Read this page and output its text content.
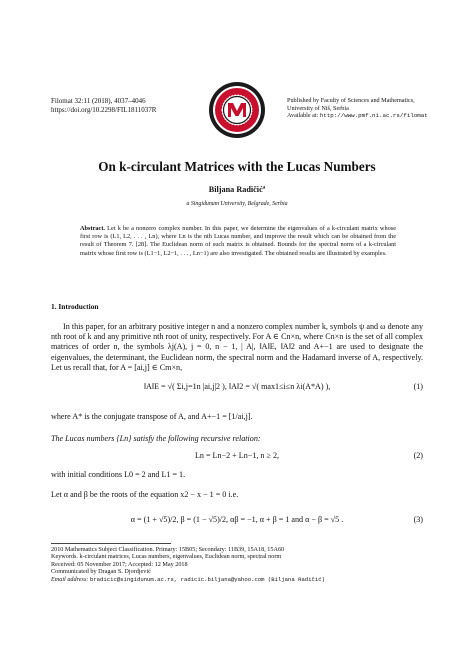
Filomat 32:11 (2018), 4037–4046
https://doi.org/10.2298/FIL1811037R
Published by Faculty of Sciences and Mathematics,
University of Niš, Serbia
Available at: http://www.pmf.ni.ac.rs/filomat
On k-circulant Matrices with the Lucas Numbers
Biljana Radičić$^a$
a Singidunum University, Belgrade, Serbia
Abstract. Let k be a nonzero complex number. In this paper, we determine the eigenvalues of a k-circulant matrix whose first row is (L1, L2, . . . , Ln), where Ln is the nth Lucas number, and improve the result which can be obtained from the result of Theorem 7. [28]. The Euclidean norm of such matrix is obtained. Bounds for the spectral norm of a k-circulant matrix whose first row is (L1−1, L2−1, . . . , Ln−1) are also investigated. The obtained results are illustrated by examples.
1. Introduction
In this paper, for an arbitrary positive integer n and a nonzero complex number k, symbols ψ and ω denote any nth root of k and any primitive nth root of unity, respectively. For A ∈ Cn×n, where Cn×n is the set of all complex matrices of order n, the symbols λj(A), j = 0, n − 1, | A|, ‖A‖E, ‖A‖2 and A+−1 are used to designate the eigenvalues, the determinant, the Euclidean norm, the spectral norm and the Hadamard inverse of A, respectively. Let us recall that, for A = [ai,j] ∈ Cm×n,
‖A‖E = √( Σi,j=1n |ai,j|2 ), ‖A‖2 = √( max1≤i≤n λi(A*A) ),	(1)
where A* is the conjugate transpose of A, and A+−1 = [1/ai,j].
The Lucas numbers {Ln} satisfy the following recursive relation:
Ln = Ln−2 + Ln−1, n ≥ 2,	(2)
with initial conditions L0 = 2 and L1 = 1.
Let α and β be the roots of the equation x2 − x − 1 = 0 i.e.
α = (1 + √5)/2, β = (1 − √5)/2, αβ = −1, α + β = 1 and α − β = √5 .	(3)
2010 Mathematics Subject Classification. Primary: 15B05; Secondary: 11B39, 15A18, 15A60
Keywords. k-circulant matrices, Lucas numbers, eigenvalues, Euclidean norm, spectral norm
Received: 05 November 2017; Accepted: 12 May 2018
Communicated by Dragan S. Djordjević
Email address: bradicic@singidunum.ac.rs, radicic.biljana@yahoo.com (Biljana Radičić)
